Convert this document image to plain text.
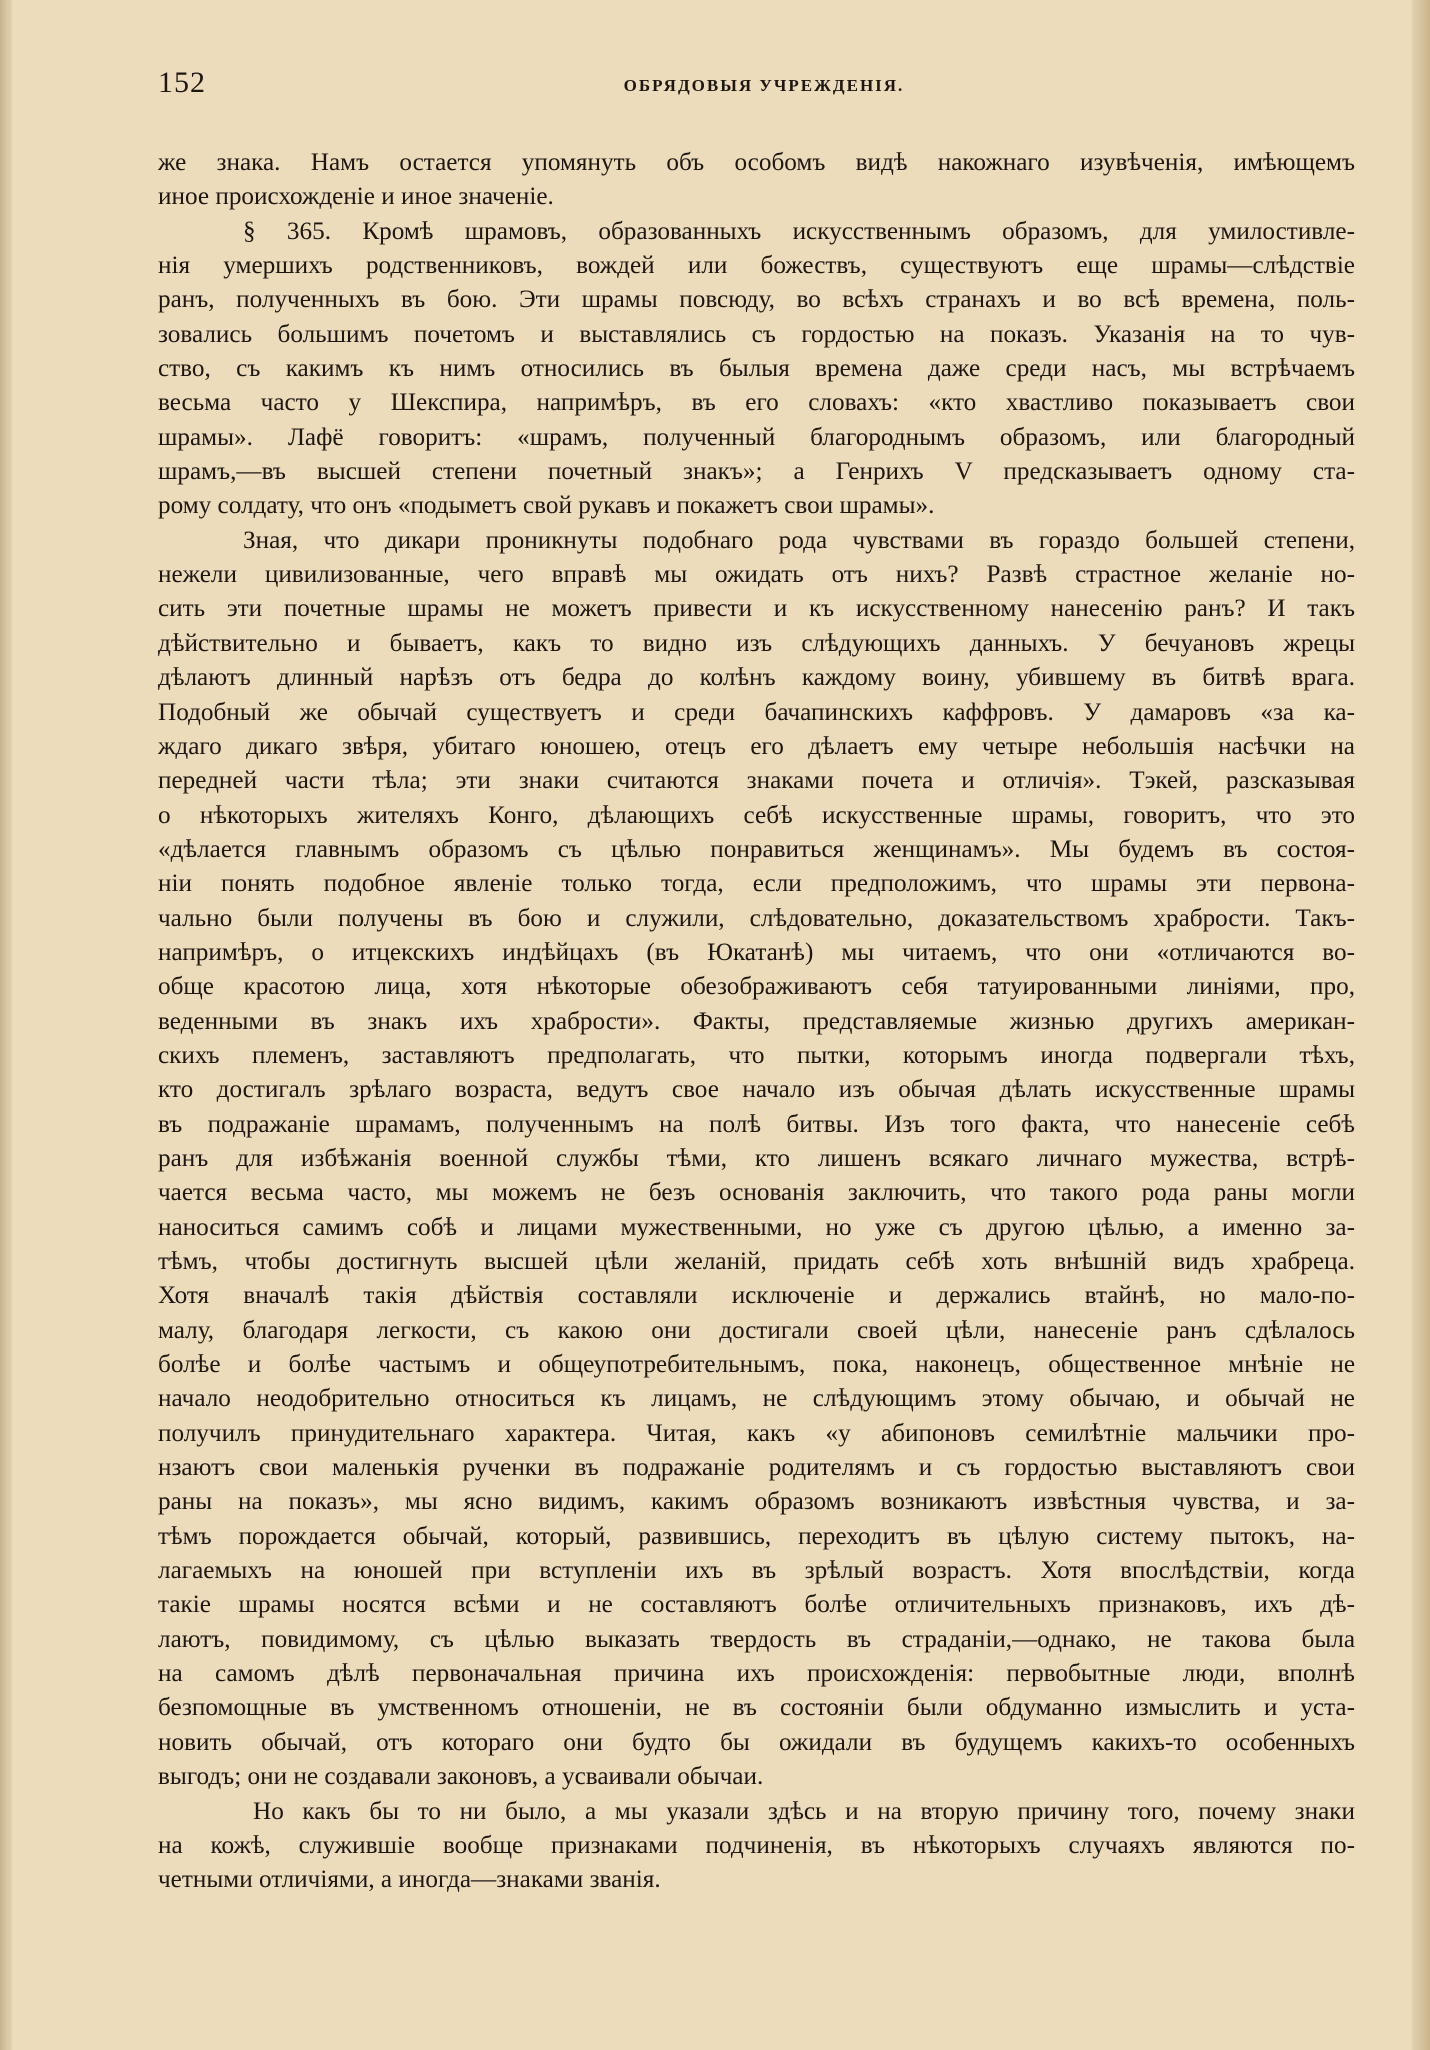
152	ОБРЯДОВЫЯ УЧРЕЖДЕНІЯ.
же знака. Намъ остается упомянуть объ особомъ видѣ накожнаго изувѣченія, имѣющемъ
иное происхожденіе и иное значеніе.
§ 365. Кромѣ шрамовъ, образованныхъ искусственнымъ образомъ, для умилостивле-
нія умершихъ родственниковъ, вождей или божествъ, существуютъ еще шрамы—слѣдствіе
ранъ, полученныхъ въ бою. Эти шрамы повсюду, во всѣхъ странахъ и во всѣ времена, поль-
зовались большимъ почетомъ и выставлялись съ гордостью на показъ. Указанія на то чув-
ство, съ какимъ къ нимъ относились въ былыя времена даже среди насъ, мы встрѣчаемъ
весьма часто у Шекспира, напримѣръ, въ его словахъ: «кто хвастливо показываетъ свои
шрамы». Лафё говоритъ: «шрамъ, полученный благороднымъ образомъ, или благородный
шрамъ,—въ высшей степени почетный знакъ»; а Генрихъ V предсказываетъ одному ста-
рому солдату, что онъ «подыметъ свой рукавъ и покажетъ свои шрамы».
Зная, что дикари проникнуты подобнаго рода чувствами въ гораздо большей степени,
нежели цивилизованные, чего вправѣ мы ожидать отъ нихъ? Развѣ страстное желаніе но-
сить эти почетные шрамы не можетъ привести и къ искусственному нанесенію ранъ? И такъ
дѣйствительно и бываетъ, какъ то видно изъ слѣдующихъ данныхъ. У бечуановъ жрецы
дѣлаютъ длинный нарѣзъ отъ бедра до колѣнъ каждому воину, убившему въ битвѣ врага.
Подобный же обычай существуетъ и среди бачапинскихъ каффровъ. У дамаровъ «за ка-
ждаго дикаго звѣря, убитаго юношею, отецъ его дѣлаетъ ему четыре небольшія насѣчки на
передней части тѣла; эти знаки считаются знаками почета и отличія». Тэкей, разсказывая
о нѣкоторыхъ жителяхъ Конго, дѣлающихъ себѣ искусственные шрамы, говоритъ, что это
«дѣлается главнымъ образомъ съ цѣлью понравиться женщинамъ». Мы будемъ въ состоя-
ніи понять подобное явленіе только тогда, если предположимъ, что шрамы эти первона-
чально были получены въ бою и служили, слѣдовательно, доказательствомъ храбрости. Такъ-
напримѣръ, о итцекскихъ индѣйцахъ (въ Юкатанѣ) мы читаемъ, что они «отличаются во-
обще красотою лица, хотя нѣкоторые обезображиваютъ себя татуированными линіями, про,
веденными въ знакъ ихъ храбрости». Факты, представляемые жизнью другихъ американ-
скихъ племенъ, заставляютъ предполагать, что пытки, которымъ иногда подвергали тѣхъ,
кто достигалъ зрѣлаго возраста, ведутъ свое начало изъ обычая дѣлать искусственные шрамы
въ подражаніе шрамамъ, полученнымъ на полѣ битвы. Изъ того факта, что нанесеніе себѣ
ранъ для избѣжанія военной службы тѣми, кто лишенъ всякаго личнаго мужества, встрѣ-
чается весьма часто, мы можемъ не безъ основанія заключить, что такого рода раны могли
наноситься самимъ собѣ и лицами мужественными, но уже съ другою цѣлью, а именно за-
тѣмъ, чтобы достигнуть высшей цѣли желаній, придать себѣ хоть внѣшній видъ храбреца.
Хотя вначалѣ такія дѣйствія составляли исключеніе и держались втайнѣ, но мало-по-
малу, благодаря легкости, съ какою они достигали своей цѣли, нанесеніе ранъ сдѣлалось
болѣе и болѣе частымъ и общеупотребительнымъ, пока, наконецъ, общественное мнѣніе не
начало неодобрительно относиться къ лицамъ, не слѣдующимъ этому обычаю, и обычай не
получилъ принудительнаго характера. Читая, какъ «у абипоновъ семилѣтніе мальчики про-
нзаютъ свои маленькія рученки въ подражаніе родителямъ и съ гордостью выставляютъ свои
раны на показъ», мы ясно видимъ, какимъ образомъ возникаютъ извѣстныя чувства, и за-
тѣмъ порождается обычай, который, развившись, переходитъ въ цѣлую систему пытокъ, на-
лагаемыхъ на юношей при вступленіи ихъ въ зрѣлый возрастъ. Хотя впослѣдствіи, когда
такіе шрамы носятся всѣми и не составляютъ болѣе отличительныхъ признаковъ, ихъ дѣ-
лаютъ, повидимому, съ цѣлью выказать твердость въ страданіи,—однако, не такова была
на самомъ дѣлѣ первоначальная причина ихъ происхожденія: первобытные люди, вполнѣ
безпомощные въ умственномъ отношеніи, не въ состояніи были обдуманно измыслить и уста-
новить обычай, отъ котораго они будто бы ожидали въ будущемъ какихъ-то особенныхъ
выгодъ; они не создавали законовъ, а усваивали обычаи.
Но какъ бы то ни было, а мы указали здѣсь и на вторую причину того, почему знаки
на кожѣ, служившіе вообще признаками подчиненія, въ нѣкоторыхъ случаяхъ являются по-
четными отличіями, а иногда—знаками званія.
